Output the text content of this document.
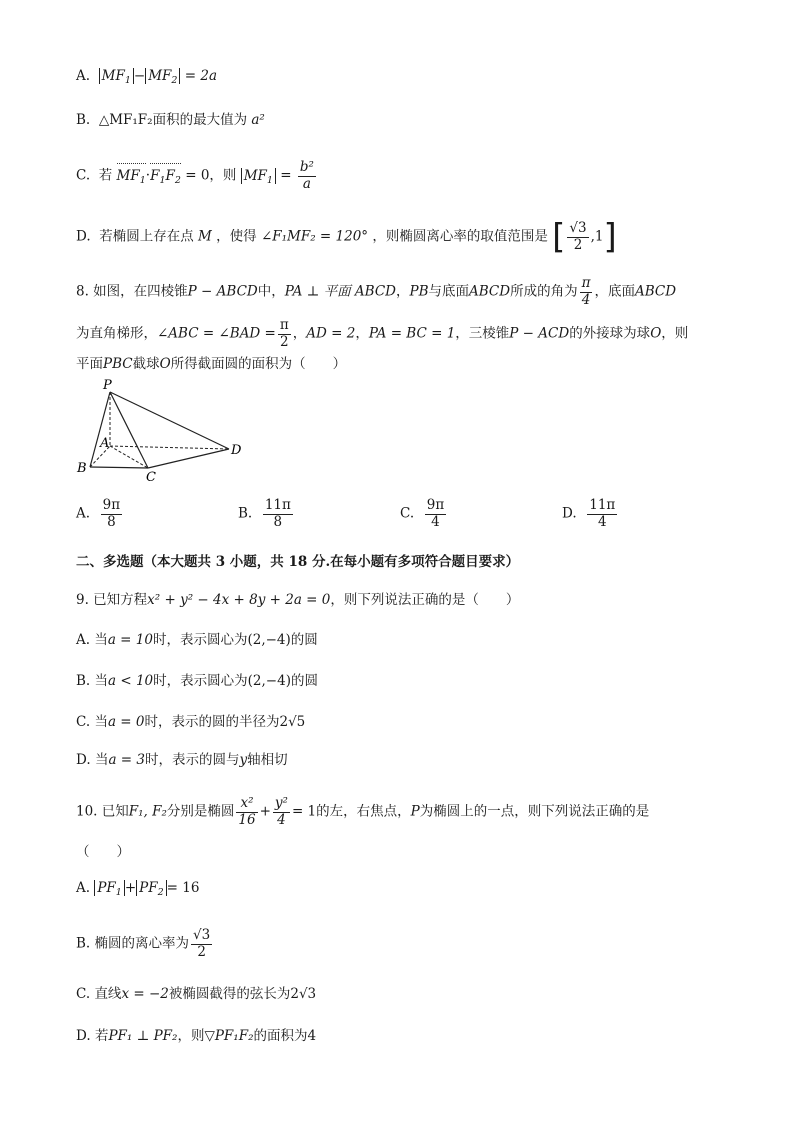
A. $MF_1 - MF_2 = 2a$
B. △MF₁F₂面积的最大值为 a²
C. 若 $MF_1\cdot F_1F_2 = 0$，则 $MF_1 = \frac{\text{b²}}{a}$
D. 若椭圆上存在点 M ，使得 ∠F₁MF₂ = 120° ，则椭圆离心率的取值范围是 [ $\frac{√3}{2} ,1$]
8. 如图，在四棱锥P − ABCD中，PA ⊥ 平面 ABCD，PB与底面ABCD所成的角为 $\frac{\pi}{4}$ ，底面ABCD
为直角梯形，∠ABC = ∠BAD = $\frac{\pi}{2}$ ，AD = 2，PA = BC = 1，三棱锥P − ACD的外接球为球O，则
平面PBC截球O所得截面圆的面积为（　　）
P
A
B
C
D
A. $\frac{9\pi}{8}$	B. $\frac{11\pi}{8}$	C. $\frac{9\pi}{4}$	D. $\frac{11\pi}{4}$
二、多选题（本大题共 3 小题，共 18 分.在每小题有多项符合题目要求）
9. 已知方程x² + y² − 4x + 8y + 2a = 0，则下列说法正确的是（　　）
A. 当a = 10时，表示圆心为(2,−4)的圆
B. 当a < 10时，表示圆心为(2,−4)的圆
C. 当a = 0时，表示的圆的半径为2√5
D. 当a = 3时，表示的圆与y轴相切
10. 已知F₁, F₂分别是椭圆 $\frac{\text{x²}}{16} + \frac{\text{y²}}{4} = 1$的左，右焦点，P为椭圆上的一点，则下列说法正确的是
（　　）
A. $PF_1 + PF_2 = 16$
B. 椭圆的离心率为 $\frac{√3}{2}$
C. 直线x = −2被椭圆截得的弦长为2√3
D. 若PF₁ ⊥ PF₂，则▽PF₁F₂的面积为4
